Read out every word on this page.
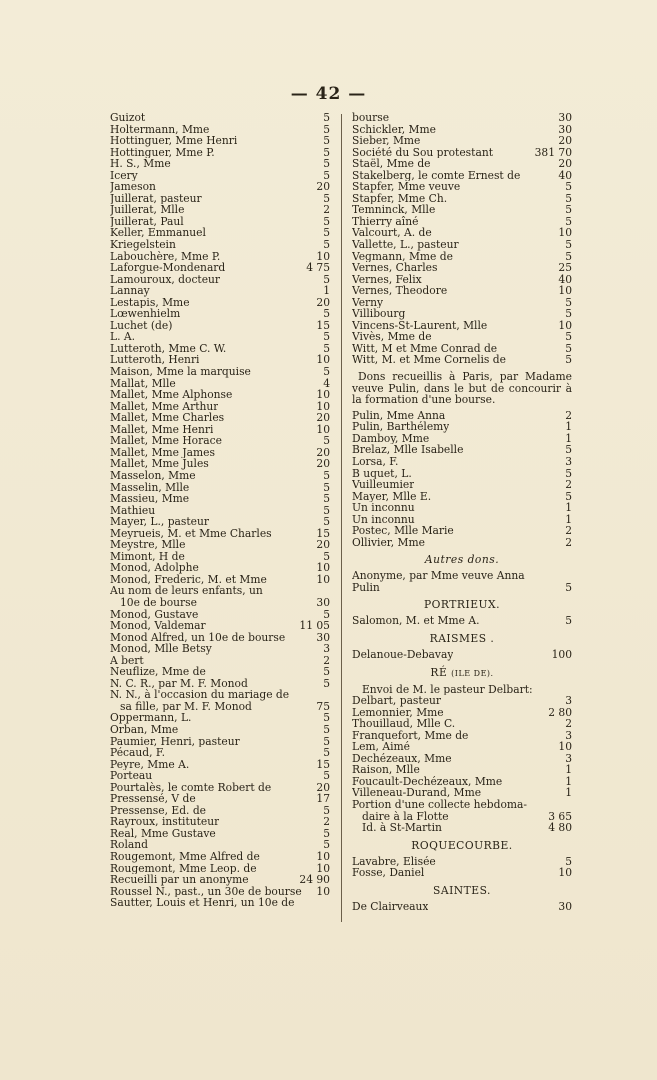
— 42 —
Guizot	5
Holtermann, Mme	5
Hottinguer, Mme Henri	5
Hottinguer, Mme P.	5
H. S., Mme	5
Icery	5
Jameson	20
Juillerat, pasteur	5
Juillerat, Mlle	2
Juillerat, Paul	5
Keller, Emmanuel	5
Kriegelstein	5
Labouchère, Mme P.	10
Laforgue-Mondenard	4 75
Lamouroux, docteur	5
Lannay	1
Lestapis, Mme	20
Lœwenhielm	5
Luchet (de)	15
L. A.	5
Lutteroth, Mme C. W.	5
Lutteroth, Henri	10
Maison, Mme la marquise	5
Mallat, Mlle	4
Mallet, Mme Alphonse	10
Mallet, Mme Arthur	10
Mallet, Mme Charles	20
Mallet, Mme Henri	10
Mallet, Mme Horace	5
Mallet, Mme James	20
Mallet, Mme Jules	20
Masselon, Mme	5
Masselin, Mlle	5
Massieu, Mme	5
Mathieu	5
Mayer, L., pasteur	5
Meyrueis, M. et Mme Charles	15
Meystre, Mlle	20
Mimont, H de	5
Monod, Adolphe	10
Monod, Frederic, M. et Mme	10
Au nom de leurs enfants, un
10e de bourse	30
Monod, Gustave	5
Monod, Valdemar	11 05
Monod Alfred, un 10e de bourse	30
Monod, Mlle Betsy	3
A bert	2
Neuflize, Mme de	5
N. C. R., par M. F. Monod	5
N. N., à l'occasion du mariage de
sa fille, par M. F. Monod	75
Oppermann, L.	5
Orban, Mme	5
Paumier, Henri, pasteur	5
Pécaud, F.	5
Peyre, Mme A.	15
Porteau	5
Pourtalès, le comte Robert de	20
Pressensé, V de	17
Pressense, Ed. de	5
Rayroux, instituteur	2
Real, Mme Gustave	5
Roland	5
Rougemont, Mme Alfred de	10
Rougemont, Mme Leop. de	10
Recueilli par un anonyme	24 90
Roussel N., past., un 30e de bourse	10
Sautter, Louis et Henri, un 10e de
bourse	30
Schickler, Mme	30
Sieber, Mme	20
Société du Sou protestant	381 70
Staël, Mme de	20
Stakelberg, le comte Ernest de	40
Stapfer, Mme veuve	5
Stapfer, Mme Ch.	5
Temninck, Mlle	5
Thierry aîné	5
Valcourt, A. de	10
Vallette, L., pasteur	5
Vegmann, Mme de	5
Vernes, Charles	25
Vernes, Felix	40
Vernes, Theodore	10
Verny	5
Villibourg	5
Vincens-St-Laurent, Mlle	10
Vivès, Mme de	5
Witt, M et Mme Conrad de	5
Witt, M. et Mme Cornelis de	5
Dons recueillis à Paris, par Madame veuve Pulin, dans le but de concourir à la formation d'une bourse.
Pulin, Mme Anna	2
Pulin, Barthélemy	1
Damboy, Mme	1
Brelaz, Mlle Isabelle	5
Lorsa, F.	3
B uquet, L.	5
Vuilleumier	2
Mayer, Mlle E.	5
Un inconnu	1
Un inconnu	1
Postec, Mlle Marie	2
Ollivier, Mme	2
Autres dons.
Anonyme, par Mme veuve Anna
Pulin	5
PORTRIEUX.
Salomon, M. et Mme A.	5
RAISMES .
Delanoue-Debavay	100
RÉ (ILE DE).
Envoi de M. le pasteur Delbart:
Delbart, pasteur	3
Lemonnier, Mme	2 80
Thouillaud, Mlle C.	2
Franquefort, Mme de	3
Lem, Aimé	10
Dechézeaux, Mme	3
Raison, Mlle	1
Foucault-Dechézeaux, Mme	1
Villeneau-Durand, Mme	1
Portion d'une collecte hebdoma-
daire à la Flotte	3 65
Id. à St-Martin	4 80
ROQUECOURBE.
Lavabre, Elisée	5
Fosse, Daniel	10
SAINTES.
De Clairveaux	30
